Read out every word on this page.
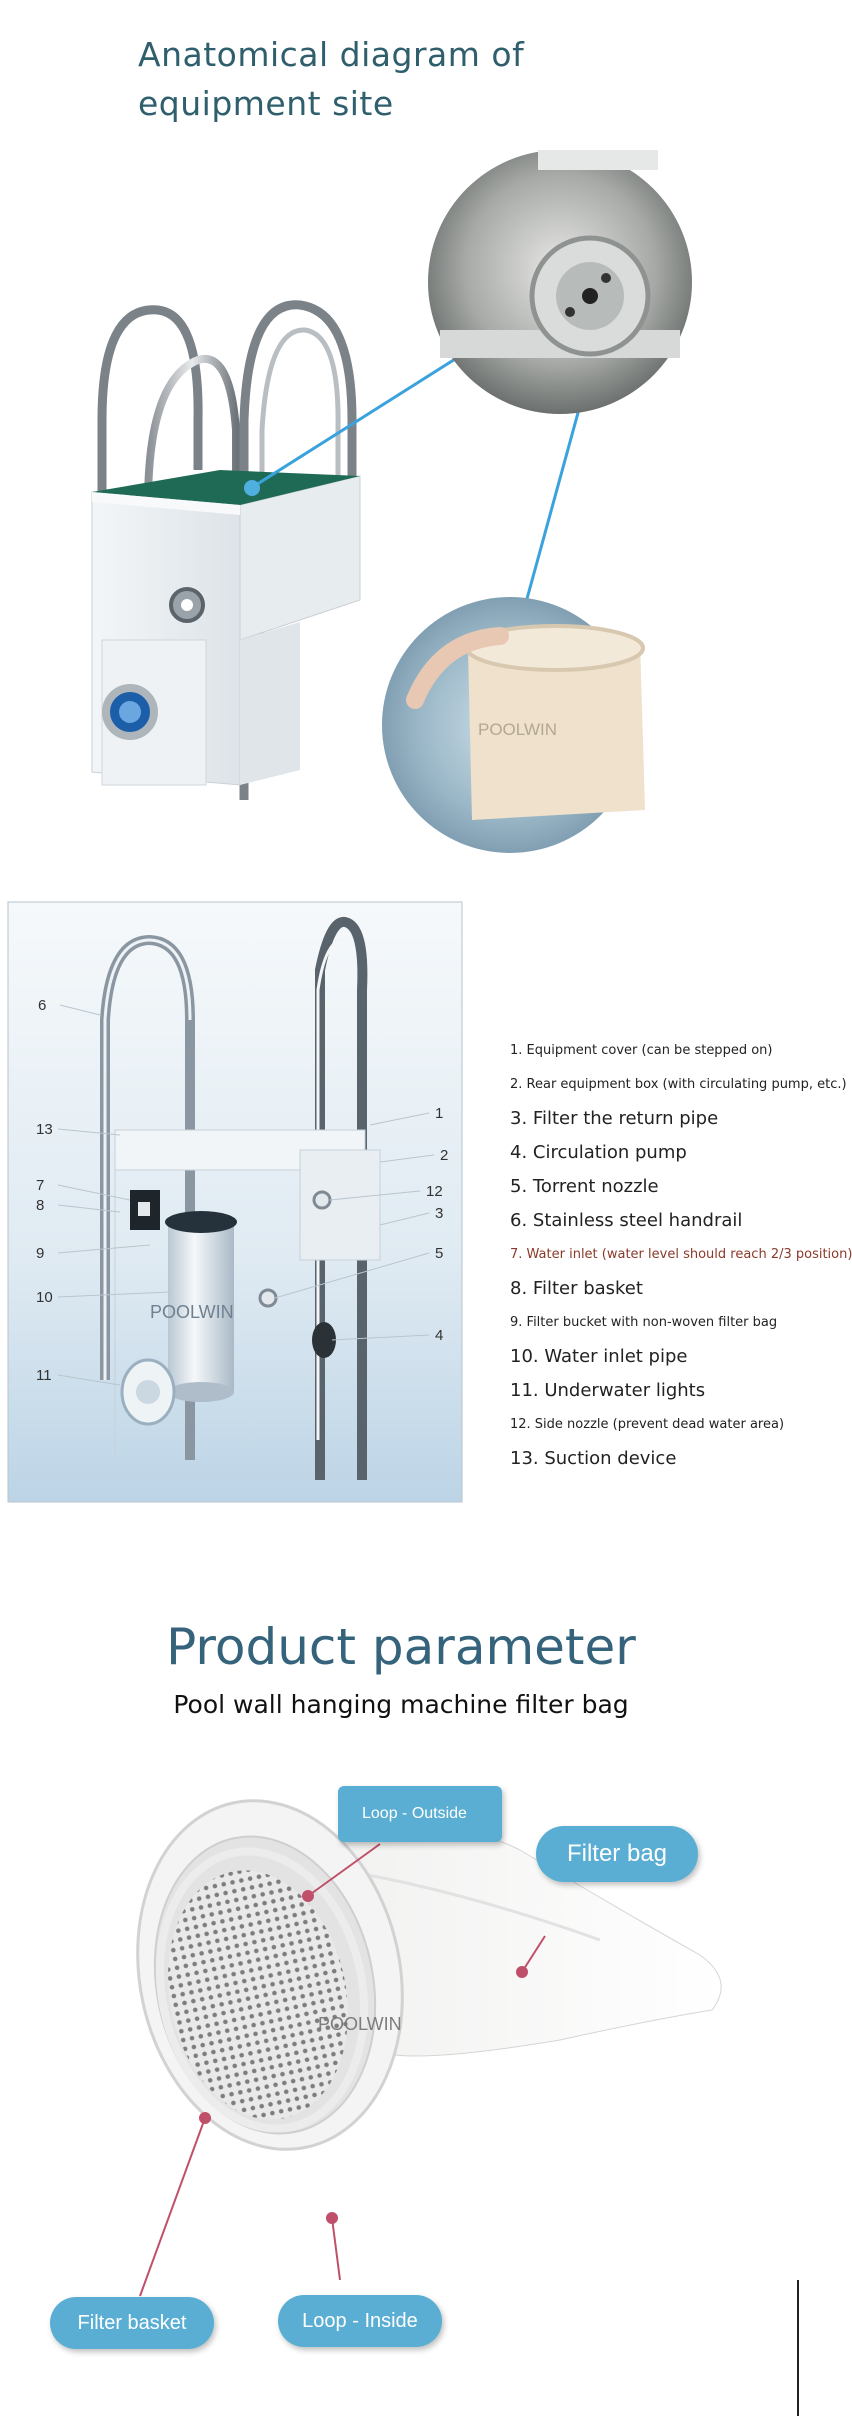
Anatomical diagram of equipment site
POOLWIN
POOLWIN
6
13
7
8
9
10
11
1
2
12
3
5
4
1. Equipment cover (can be stepped on)
2. Rear equipment box (with circulating pump, etc.)
3. Filter the return pipe
4. Circulation pump
5. Torrent nozzle
6. Stainless steel handrail
7. Water inlet (water level should reach 2/3 position)
8. Filter basket
9. Filter bucket with non-woven filter bag
10. Water inlet pipe
11. Underwater lights
12. Side nozzle (prevent dead water area)
13. Suction device
Product parameter
Pool wall hanging machine filter bag
POOLWIN
Loop - Outside
Filter bag
Filter basket	Loop - Inside
